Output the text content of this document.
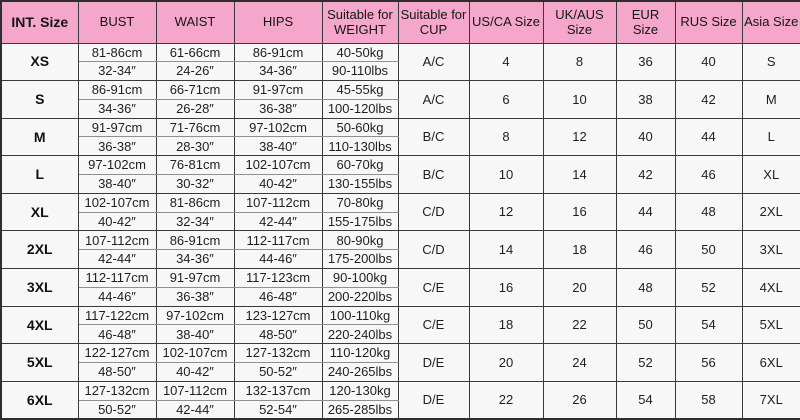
INT. Size	BUST	WAIST	HIPS	Suitable for WEIGHT	Suitable for CUP	US/CA Size	UK/AUS Size	EUR Size	RUS Size	Asia Size
XS	81-86cm	61-66cm	86-91cm	40-50kg	A/C	4	8	36	40	S
	32-34″	24-26″	34-36″	90-110lbs						
S	86-91cm	66-71cm	91-97cm	45-55kg	A/C	6	10	38	42	M
	34-36″	26-28″	36-38″	100-120lbs						
M	91-97cm	71-76cm	97-102cm	50-60kg	B/C	8	12	40	44	L
	36-38″	28-30″	38-40″	110-130lbs						
L	97-102cm	76-81cm	102-107cm	60-70kg	B/C	10	14	42	46	XL
	38-40″	30-32″	40-42″	130-155lbs						
XL	102-107cm	81-86cm	107-112cm	70-80kg	C/D	12	16	44	48	2XL
	40-42″	32-34″	42-44″	155-175lbs						
2XL	107-112cm	86-91cm	112-117cm	80-90kg	C/D	14	18	46	50	3XL
	42-44″	34-36″	44-46″	175-200lbs						
3XL	112-117cm	91-97cm	117-123cm	90-100kg	C/E	16	20	48	52	4XL
	44-46″	36-38″	46-48″	200-220lbs						
4XL	117-122cm	97-102cm	123-127cm	100-110kg	C/E	18	22	50	54	5XL
	46-48″	38-40″	48-50″	220-240lbs						
5XL	122-127cm	102-107cm	127-132cm	110-120kg	D/E	20	24	52	56	6XL
	48-50″	40-42″	50-52″	240-265lbs						
6XL	127-132cm	107-112cm	132-137cm	120-130kg	D/E	22	26	54	58	7XL
	50-52″	42-44″	52-54″	265-285lbs						
